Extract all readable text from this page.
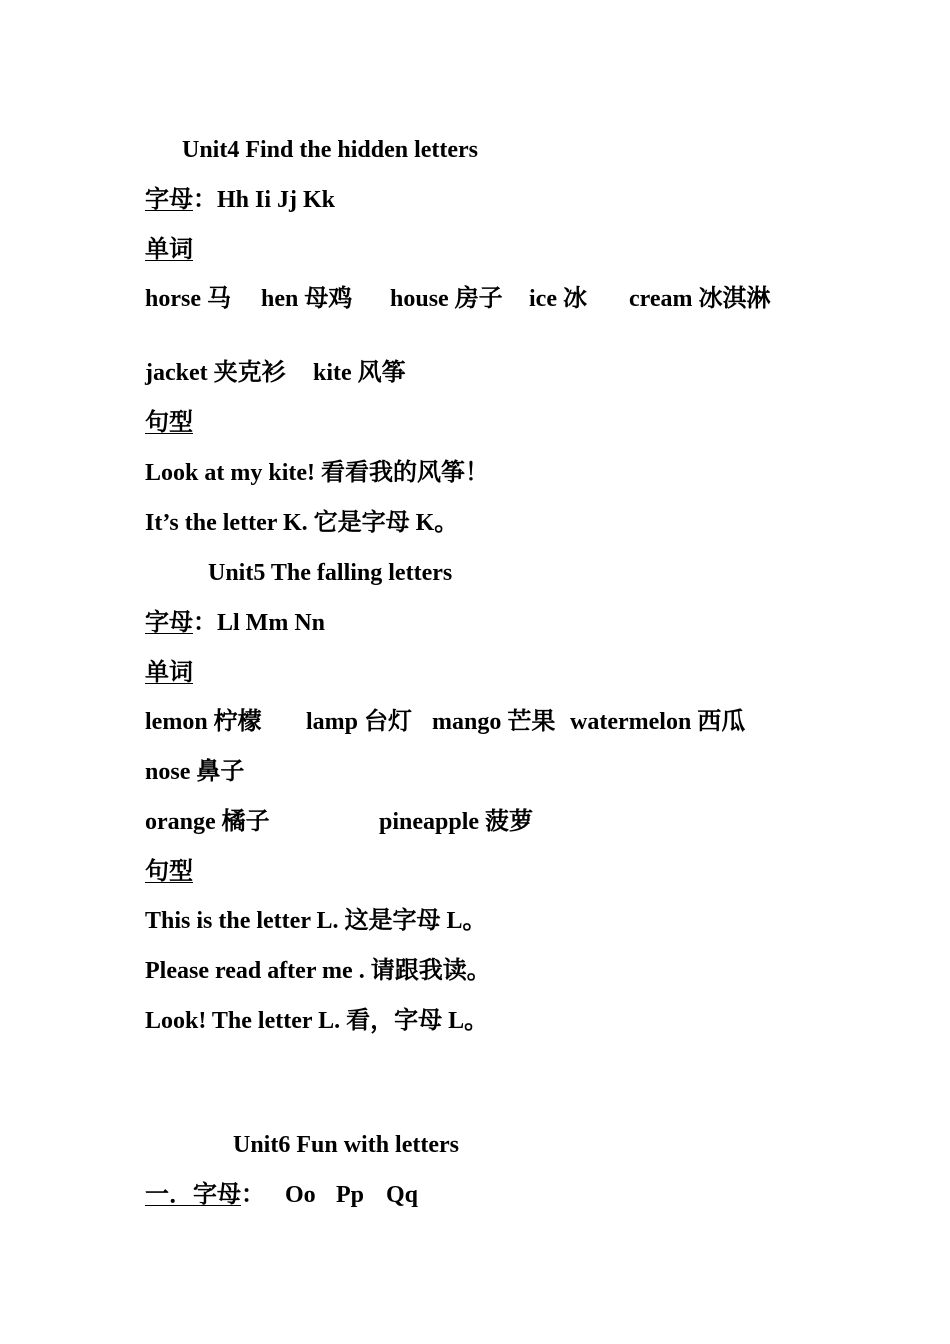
Unit4 Find the hidden letters
字母：Hh Ii Jj Kk
单词
horse 马 hen 母鸡 house 房子 ice 冰 cream 冰淇淋
jacket 夹克衫 kite 风筝
句型
Look at my kite! 看看我的风筝！
It’s the letter K. 它是字母 K。
Unit5 The falling letters
字母：Ll Mm Nn
单词
lemon 柠檬 lamp 台灯 mango 芒果 watermelon 西瓜
nose 鼻子
orange 橘子	pineapple 菠萝
句型
This is the letter L. 这是字母 L。
Please read after me . 请跟我读。
Look! The letter L. 看，字母 L。
Unit6 Fun with letters
一．字母： Oo Pp Qq
